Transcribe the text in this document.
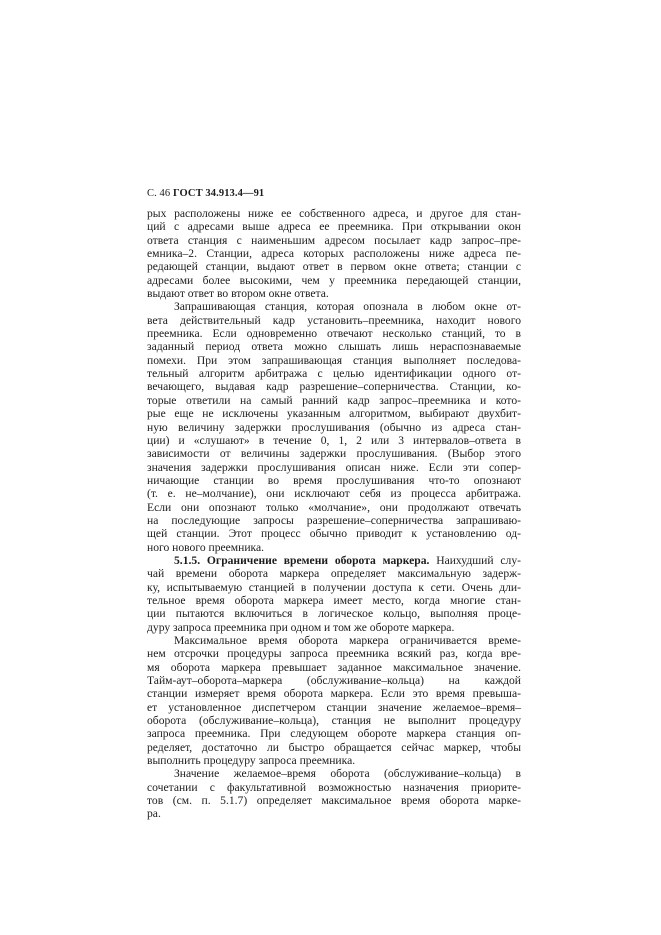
С. 46 ГОСТ 34.913.4—91
рых расположены ниже ее собственного адреса, и другое для стан-
ций с адресами выше адреса ее преемника. При открывании окон
ответа станция с наименьшим адресом посылает кадр запрос–пре-
емника–2. Станции, адреса которых расположены ниже адреса пе-
редающей станции, выдают ответ в первом окне ответа; станции с
адресами более высокими, чем у преемника передающей станции,
выдают ответ во втором окне ответа.
Запрашивающая станция, которая опознала в любом окне от-
вета действительный кадр установить–преемника, находит нового
преемника. Если одновременно отвечают несколько станций, то в
заданный период ответа можно слышать лишь нераспознаваемые
помехи. При этом запрашивающая станция выполняет последова-
тельный алгоритм арбитража с целью идентификации одного от-
вечающего, выдавая кадр разрешение–соперничества. Станции, ко-
торые ответили на самый ранний кадр запрос–преемника и кото-
рые еще не исключены указанным алгоритмом, выбирают двухбит-
ную величину задержки прослушивания (обычно из адреса стан-
ции) и «слушают» в течение 0, 1, 2 или 3 интервалов–ответа в
зависимости от величины задержки прослушивания. (Выбор этого
значения задержки прослушивания описан ниже. Если эти сопер-
ничающие станции во время прослушивания что-то опознают
(т. е. не–молчание), они исключают себя из процесса арбитража.
Если они опознают только «молчание», они продолжают отвечать
на последующие запросы разрешение–соперничества запрашиваю-
щей станции. Этот процесс обычно приводит к установлению од-
ного нового преемника.
5.1.5. Ограничение времени оборота маркера. Наихудший слу-
чай времени оборота маркера определяет максимальную задерж-
ку, испытываемую станцией в получении доступа к сети. Очень дли-
тельное время оборота маркера имеет место, когда многие стан-
ции пытаются включиться в логическое кольцо, выполняя проце-
дуру запроса преемника при одном и том же обороте маркера.
Максимальное время оборота маркера ограничивается време-
нем отсрочки процедуры запроса преемника всякий раз, когда вре-
мя оборота маркера превышает заданное максимальное значение.
Тайм-аут–оборота–маркера (обслуживание–кольца) на каждой
станции измеряет время оборота маркера. Если это время превыша-
ет установленное диспетчером станции значение желаемое–время–
оборота (обслуживание–кольца), станция не выполнит процедуру
запроса преемника. При следующем обороте маркера станция оп-
ределяет, достаточно ли быстро обращается сейчас маркер, чтобы
выполнить процедуру запроса преемника.
Значение желаемое–время оборота (обслуживание–кольца) в
сочетании с факультативной возможностью назначения приорите-
тов (см. п. 5.1.7) определяет максимальное время оборота марке-
ра.
